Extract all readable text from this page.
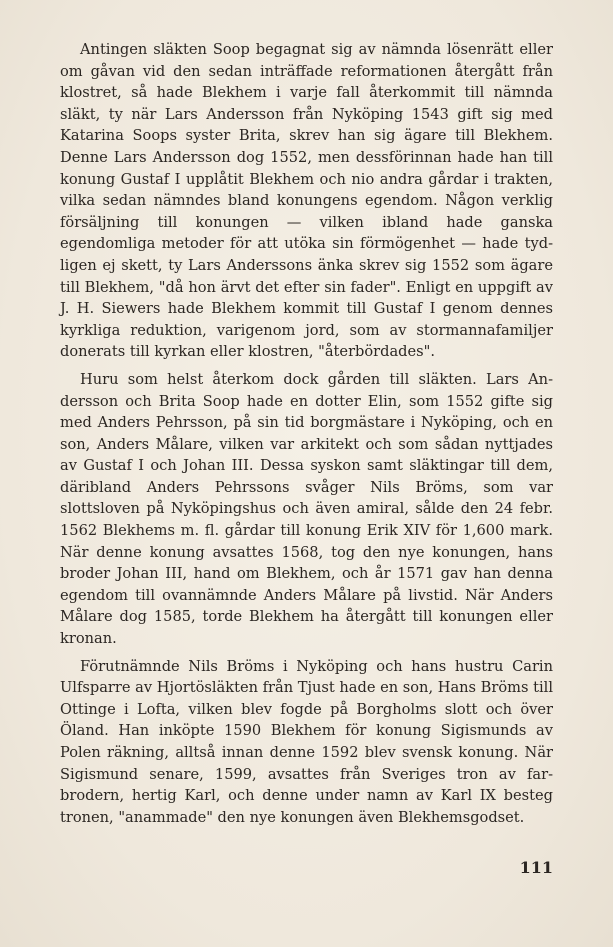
Antingen släkten Soop begagnat sig av nämnda lösenrätt eller om gåvan vid den sedan inträffade reformationen återgått från klostret, så hade Blekhem i varje fall återkommit till nämnda släkt, ty när Lars Andersson från Nyköping 1543 gift sig med Katarina Soops syster Brita, skrev han sig ägare till Blekhem. Denne Lars Andersson dog 1552, men dessförinnan hade han till konung Gustaf I upplåtit Blekhem och nio andra gårdar i trakten, vilka sedan nämndes bland konungens egendom. Någon verklig försäljning till konungen — vilken ibland hade ganska egendomliga metoder för att utöka sin förmögenhet — hade tydligen ej skett, ty Lars Anderssons änka skrev sig 1552 som ägare till Blekhem, "då hon ärvt det efter sin fader". Enligt en uppgift av J. H. Siewers hade Blekhem kommit till Gustaf I genom dennes kyrkliga reduktion, varigenom jord, som av stormannafamiljer donerats till kyrkan eller klostren, "återbördades".

Huru som helst återkom dock gården till släkten. Lars Andersson och Brita Soop hade en dotter Elin, som 1552 gifte sig med Anders Pehrsson, på sin tid borgmästare i Nyköping, och en son, Anders Målare, vilken var arkitekt och som sådan nyttjades av Gustaf I och Johan III. Dessa syskon samt släktingar till dem, däribland Anders Pehrssons svåger Nils Bröms, som var slottsloven på Nyköpingshus och även amiral, sålde den 24 febr. 1562 Blekhems m. fl. gårdar till konung Erik XIV för 1,600 mark. När denne konung avsattes 1568, tog den nye konungen, hans broder Johan III, hand om Blekhem, och år 1571 gav han denna egendom till ovannämnde Anders Målare på livstid. När Anders Målare dog 1585, torde Blekhem ha återgått till konungen eller kronan.

Förutnämnde Nils Bröms i Nyköping och hans hustru Carin Ulfsparre av Hjortösläkten från Tjust hade en son, Hans Bröms till Ottinge i Lofta, vilken blev fogde på Borgholms slott och över Öland. Han inköpte 1590 Blekhem för konung Sigismunds av Polen räkning, alltså innan denne 1592 blev svensk konung. När Sigismund senare, 1599, avsattes från Sveriges tron av farbrodern, hertig Karl, och denne under namn av Karl IX besteg tronen, "anammade" den nye konungen även Blekhemsgodset.

111
